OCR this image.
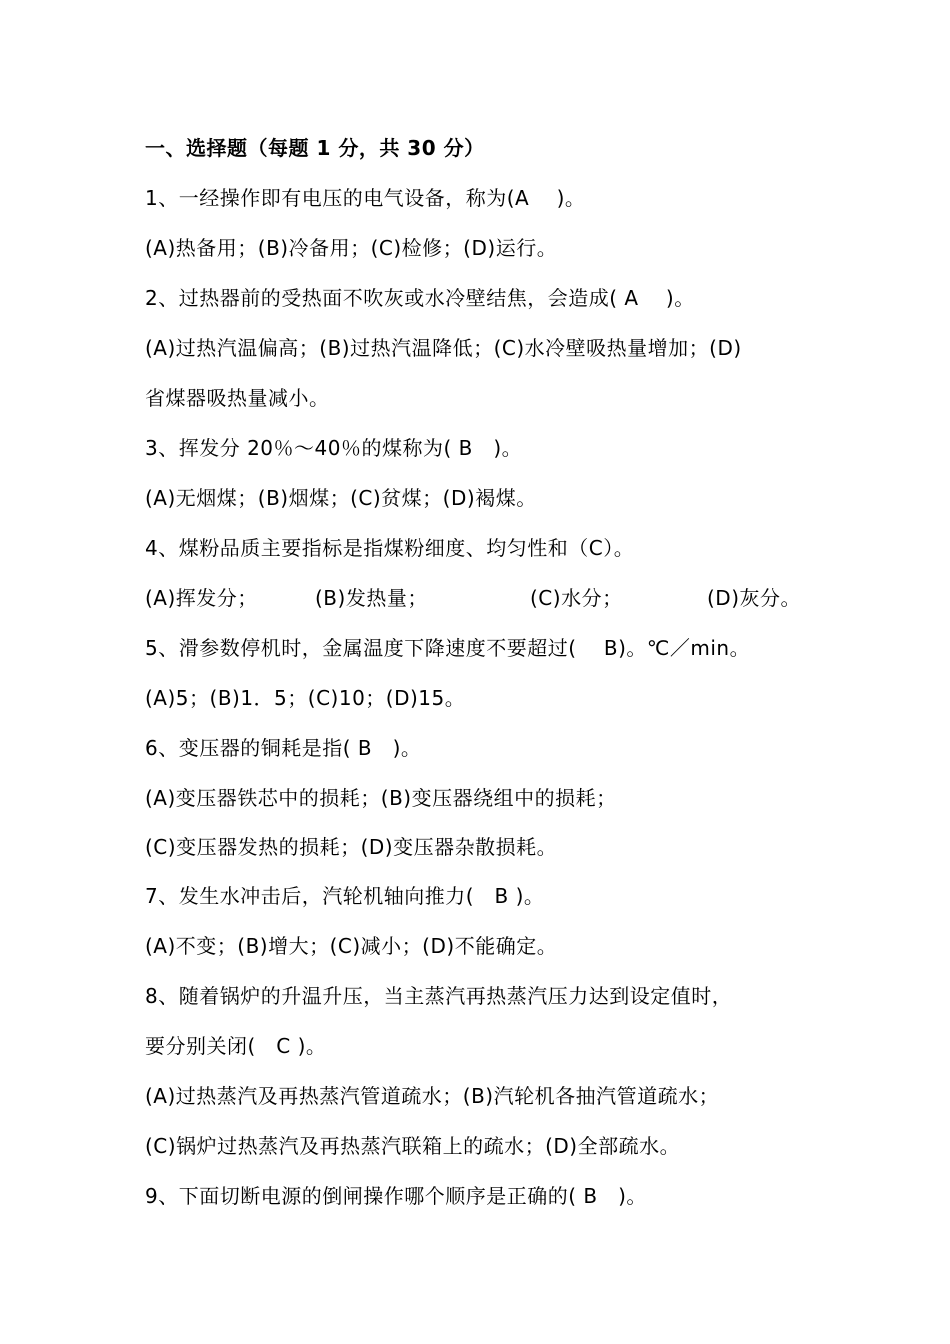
一、选择题（每题 1 分，共 30 分）
1、一经操作即有电压的电气设备，称为(A　 )。
(A)热备用；(B)冷备用；(C)检修；(D)运行。
2、过热器前的受热面不吹灰或水冷壁结焦，会造成( A　 )。
(A)过热汽温偏高；(B)过热汽温降低；(C)水冷壁吸热量增加；(D)
省煤器吸热量减小。
3、挥发分 20％～40％的煤称为( B　)。
(A)无烟煤；(B)烟煤；(C)贫煤；(D)褐煤。
4、煤粉品质主要指标是指煤粉细度、均匀性和（C）。
(A)挥发分；	(B)发热量；	(C)水分；	(D)灰分。
5、滑参数停机时，金属温度下降速度不要超过(　 B)。℃／min。
(A)5；(B)1．5；(C)10；(D)15。
6、变压器的铜耗是指( B　)。
(A)变压器铁芯中的损耗；(B)变压器绕组中的损耗；
(C)变压器发热的损耗；(D)变压器杂散损耗。
7、发生水冲击后，汽轮机轴向推力(　B )。
(A)不变；(B)增大；(C)减小；(D)不能确定。
8、随着锅炉的升温升压，当主蒸汽再热蒸汽压力达到设定值时，
要分别关闭(　C )。
(A)过热蒸汽及再热蒸汽管道疏水；(B)汽轮机各抽汽管道疏水；
(C)锅炉过热蒸汽及再热蒸汽联箱上的疏水；(D)全部疏水。
9、下面切断电源的倒闸操作哪个顺序是正确的( B　)。
